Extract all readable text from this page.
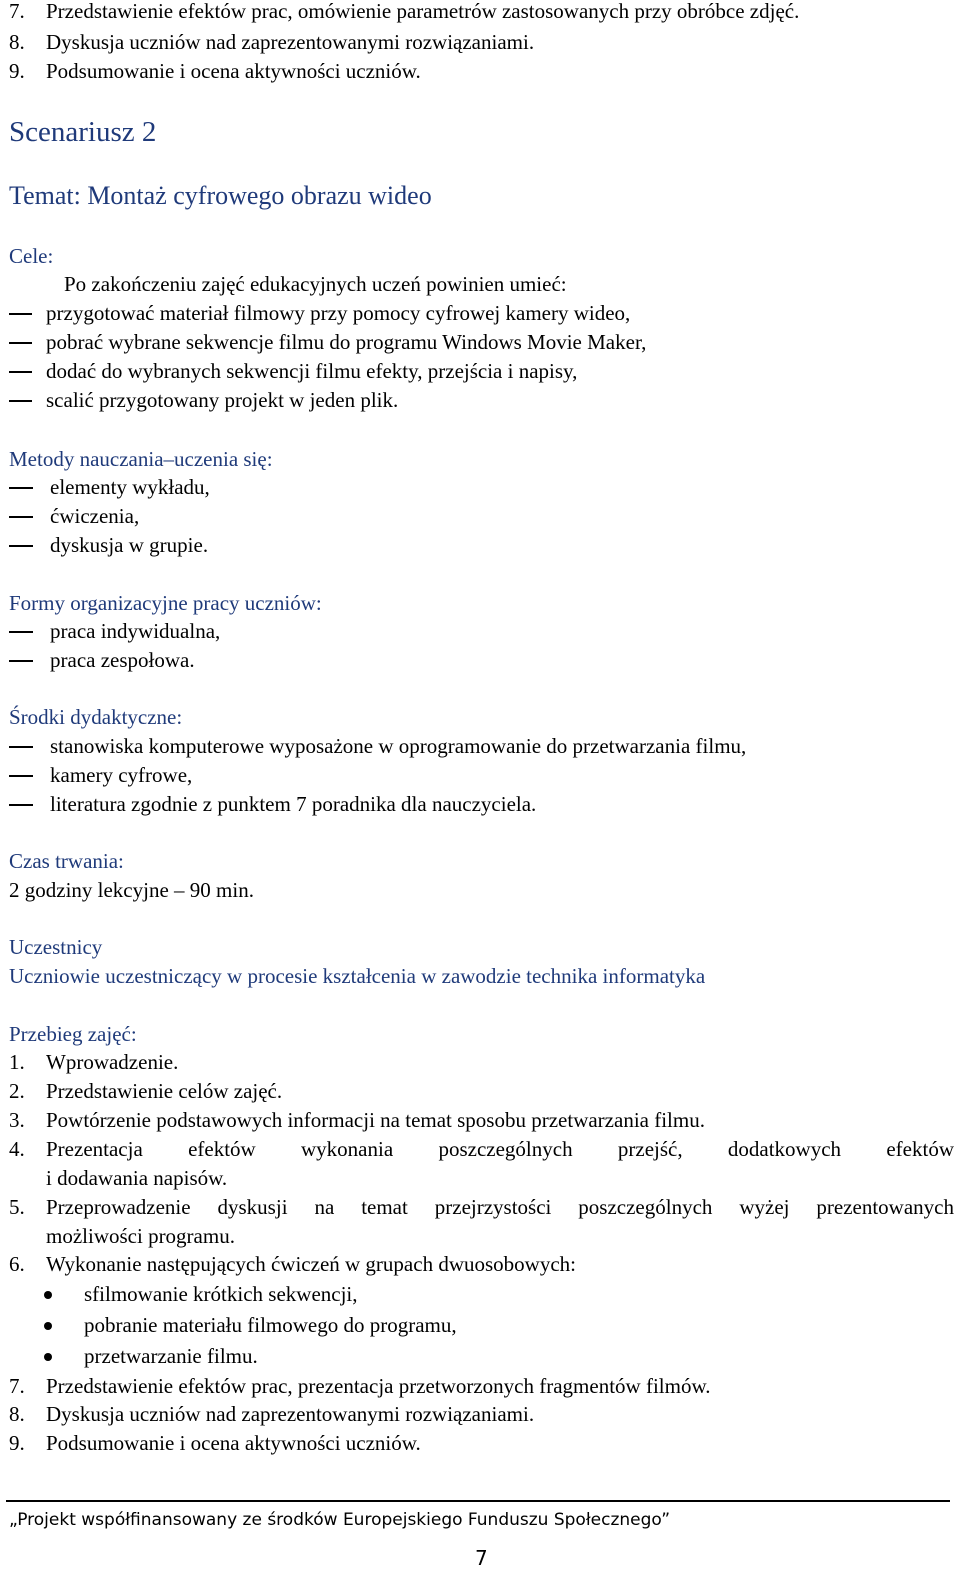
7. Przedstawienie efektów prac, omówienie parametrów zastosowanych przy obróbce zdjęć.
8. Dyskusja uczniów nad zaprezentowanymi rozwiązaniami.
9. Podsumowanie i ocena aktywności uczniów.
Scenariusz 2
Temat: Montaż cyfrowego obrazu wideo
Cele:
Po zakończeniu zajęć edukacyjnych uczeń powinien umieć:
przygotować materiał filmowy przy pomocy cyfrowej kamery wideo,
pobrać wybrane sekwencje filmu do programu Windows Movie Maker,
dodać do wybranych sekwencji filmu efekty, przejścia i napisy,
scalić przygotowany projekt w jeden plik.
Metody nauczania–uczenia się:
elementy wykładu,
ćwiczenia,
dyskusja w grupie.
Formy organizacyjne pracy uczniów:
praca indywidualna,
praca zespołowa.
Środki dydaktyczne:
stanowiska komputerowe wyposażone w oprogramowanie do przetwarzania filmu,
kamery cyfrowe,
literatura zgodnie z punktem 7 poradnika dla nauczyciela.
Czas trwania:
2 godziny lekcyjne – 90 min.
Uczestnicy
Uczniowie uczestniczący w procesie kształcenia w zawodzie technika informatyka
Przebieg zajęć:
1. Wprowadzenie.
2. Przedstawienie celów zajęć.
3. Powtórzenie podstawowych informacji na temat sposobu przetwarzania filmu.
4. Prezentacja efektów wykonania poszczególnych przejść, dodatkowych efektów
i dodawania napisów.
5. Przeprowadzenie dyskusji na temat przejrzystości poszczególnych wyżej prezentowanych
możliwości programu.
6. Wykonanie następujących ćwiczeń w grupach dwuosobowych:
sfilmowanie krótkich sekwencji,
pobranie materiału filmowego do programu,
przetwarzanie filmu.
7. Przedstawienie efektów prac, prezentacja przetworzonych fragmentów filmów.
8. Dyskusja uczniów nad zaprezentowanymi rozwiązaniami.
9. Podsumowanie i ocena aktywności uczniów.
„Projekt współfinansowany ze środków Europejskiego Funduszu Społecznego”
7
